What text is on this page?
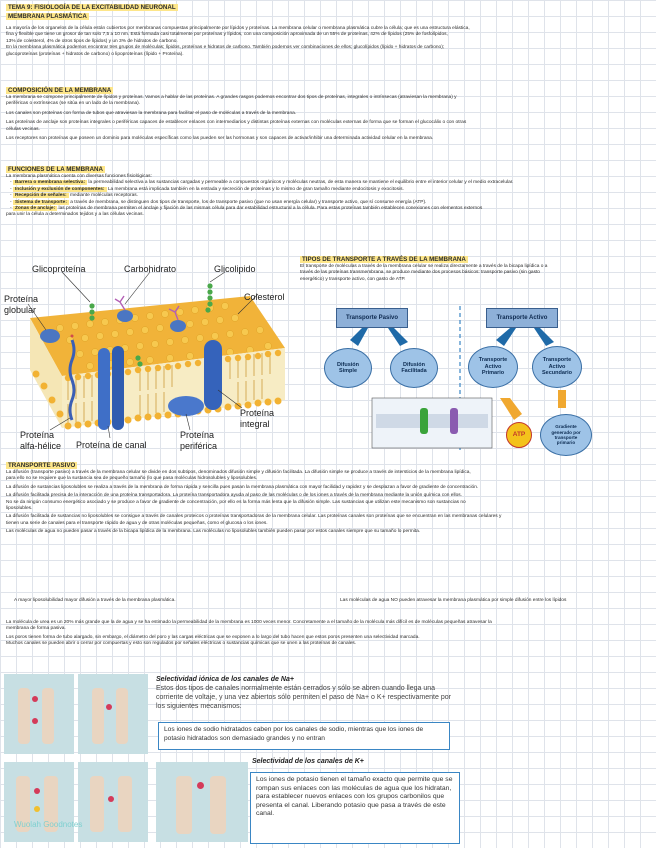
TEMA 9: FISIOLOGÍA DE LA EXCITABILIDAD NEURONAL
MEMBRANA PLASMÁTICA

La mayoría de los organelos de la célula están cubiertos por membranas compuestas principalmente por lípidos y proteínas. La membrana celular o membrana plasmática cubre la célula; que es una estructura elástica,

fina y flexible que tiene un grosor de tan solo 7,5 a 10 nm. Está formada casi totalmente por proteínas y lípidos, con una composición aproximada de un 55% de proteínas, 42% de lípidos (25% de fosfolípidos,

13% de colesterol, 4% de otros tipos de lípidos) y un 3% de hidratos de carbono.

En la membrana plasmática podemos encontrar tres grupos de moléculas; lípidos, proteínas e hidratos de carbono. También podemos ver combinaciones de ellos; glucolípidos (lípido + hidratos de carbono);

glucoproteínas (proteínas + hidratos de carbono) o lipoproteínas (lípido + Proteína).

COMPOSICIÓN DE LA MEMBRANA

La membrana se compone principalmente de lípidos y proteínas. Vamos a hablar de las proteínas. A grandes rasgos podemos encontrar dos tipos de proteínas, integrales o intrínsecas (atraviesan la membrana) y

periféricas o extrínsecas (se sitúa en un lado de la membrana).

Los canales son proteínas con forma de tubos que atraviesan la membrana para facilitar el paso de moléculas a través de la membrana.

Las proteínas de anclaje son proteínas integrales o periféricas capaces de establecer enlaces con intermediarios y distintas proteínas externas con moléculas externas de forma que se forman el glucocálix o con otras

células vecinas.

Los receptores son proteínas que poseen un dominio para moléculas específicas como las pueden ser las hormonas y son capaces de activar/inhibir una determinada actividad celular en la membrana.

FUNCIONES DE LA MEMBRANA

La membrana plasmática cuenta con diversas funciones fisiológicas:

- Barrera o membrana selectiva: la permeabilidad selectiva a las sustancias cargadas y permeable a compuestos orgánicos y moléculas neutras, de esta manera se mantiene el equilibrio entre el interior celular y el medio extracelular.

- Inclusión y exclusión de componentes: La membrana está implicada también en la entrada y secreción de proteínas y lo mismo de gran tamaño mediante endocitosis y exocitosis.

- Recepción de señales: mediante moléculas receptoras.

- Sistema de transporte: a través de membrana, se distinguen dos tipos de transporte, los de transporte pasivo (que no usan energía celular) y transporte activo, que sí consume energía (ATP).

- Zonas de anclaje: las proteínas de membrana permiten el anclaje y fijación de las mismas célula para dar estabilidad estructural a la célula. Para estas proteínas también establecen conexiones con elementos externos

para unir la célula a determinados tejidos y a las células vecinas.

Glicoproteína	Carbohidrato	Glicolipido
Colesterol
Proteína
globular
Proteína
integral
Proteína
alfa-hélice Proteína de canal
Proteína
periférica
TIPOS DE TRANSPORTE A TRAVÉS DE LA MEMBRANA

El transporte de moléculas a través de la membrana celular se realiza directamente a través de la bicapa lipídica o a

través de las proteínas transmembrana, se produce mediante dos procesos básicos: transporte pasivo (sin gasto

energético) y transporte activo, con gasto de ATP.

Transporte Pasivo	Transporte Activo
Difusión
Simple
Difusión
Facilitada
Transporte
Activo
Primario
Transporte
Activo
Secundario
ATP
Gradiente
generado por
transporte
primario
TRANSPORTE PASIVO

La difusión (transporte pasivo) a través de la membrana celular se divide en dos subtipos, denominados difusión simple y difusión facilitada. La difusión simple se produce a través de intersticios de la membrana lipídica,

para ello no se requiere que la sustancia sea de pequeño tamaño (lo que pasa moléculas hidrosolubles y liposolubles.

La difusión de sustancias liposolubles se realiza a través de la membrana de forma rápida y sencilla pues pasan la membrana plasmática con mayor facilidad y rapidez y se desplazan a favor de gradiente de concentración.

La difusión facilitada precisa de la interacción de una proteína transportadora. La proteína transportadora ayuda al paso de las moléculas o de los iones a través de la membrana mediante la unión química con ellos.

No se da ningún consumo energético asociado y se produce a favor de gradiente de concentración, por ello es la forma más lenta que la difusión simple. Las sustancias que utilizan este mecanismo son sustancias no

liposolubles.

La difusión facilitada de sustancias no liposolubles se consigue a través de canales proteicos o proteínas transportadoras de la membrana celular. Las proteínas canales son proteínas que se encuentran en las membranas celulares y

tienen una serie de canales para el transporte rápido de agua y de otras moléculas pequeñas, como el glucosa o los iones.

Las moléculas de agua no pueden pasar a través de la bicapa lipídica de la membrana. Las moléculas no liposolubles también pueden pasar por estos canales siempre que su tamaño lo permita.

A mayor liposolubilidad mayor difusión a través de la membrana plasmática.	Las moléculas de agua NO pueden atravesar la membrana plasmática por simple difusión entre los lípidos

La molécula de urea es un 20% más grande que la de agua y se ha estimado la permeabilidad de la membrana es 1000 veces menor. Concretamente a el tamaño de la molécula más difícil es de moléculas pequeñas atravesar la

membrana de forma pasiva.

Los poros tienen forma de tubo alargado, sin embargo, el diámetro del poro y las cargas eléctricas que se exponen a lo largo del tubo hacen que estos poros presenten una selectividad marcada.

Muchos canales se pueden abrir o cerrar por compuertas y esto son regulados por señales eléctricas o sustancias químicas que se unen a las proteínas de canales.

Wuolah Goodnotes
Selectividad iónica de los canales de Na+

Estos dos tipos de canales normalmente están cerrados y sólo se abren cuando llega una corriente de voltaje, y una vez abiertos sólo permiten el paso de Na+ o K+ respectivamente por los siguientes mecanismos:

Los iones de sodio hidratados caben por los canales de sodio, mientras que los iones de potasio hidratados son demasiado grandes y no entran
Selectividad de los canales de K+
Los iones de potasio tienen el tamaño exacto que permite que se rompan sus enlaces con las moléculas de agua que los hidratan, para establecer nuevos enlaces con los grupos carbonilos que presenta el canal. Liberando potasio que pasa a través de este canal.
